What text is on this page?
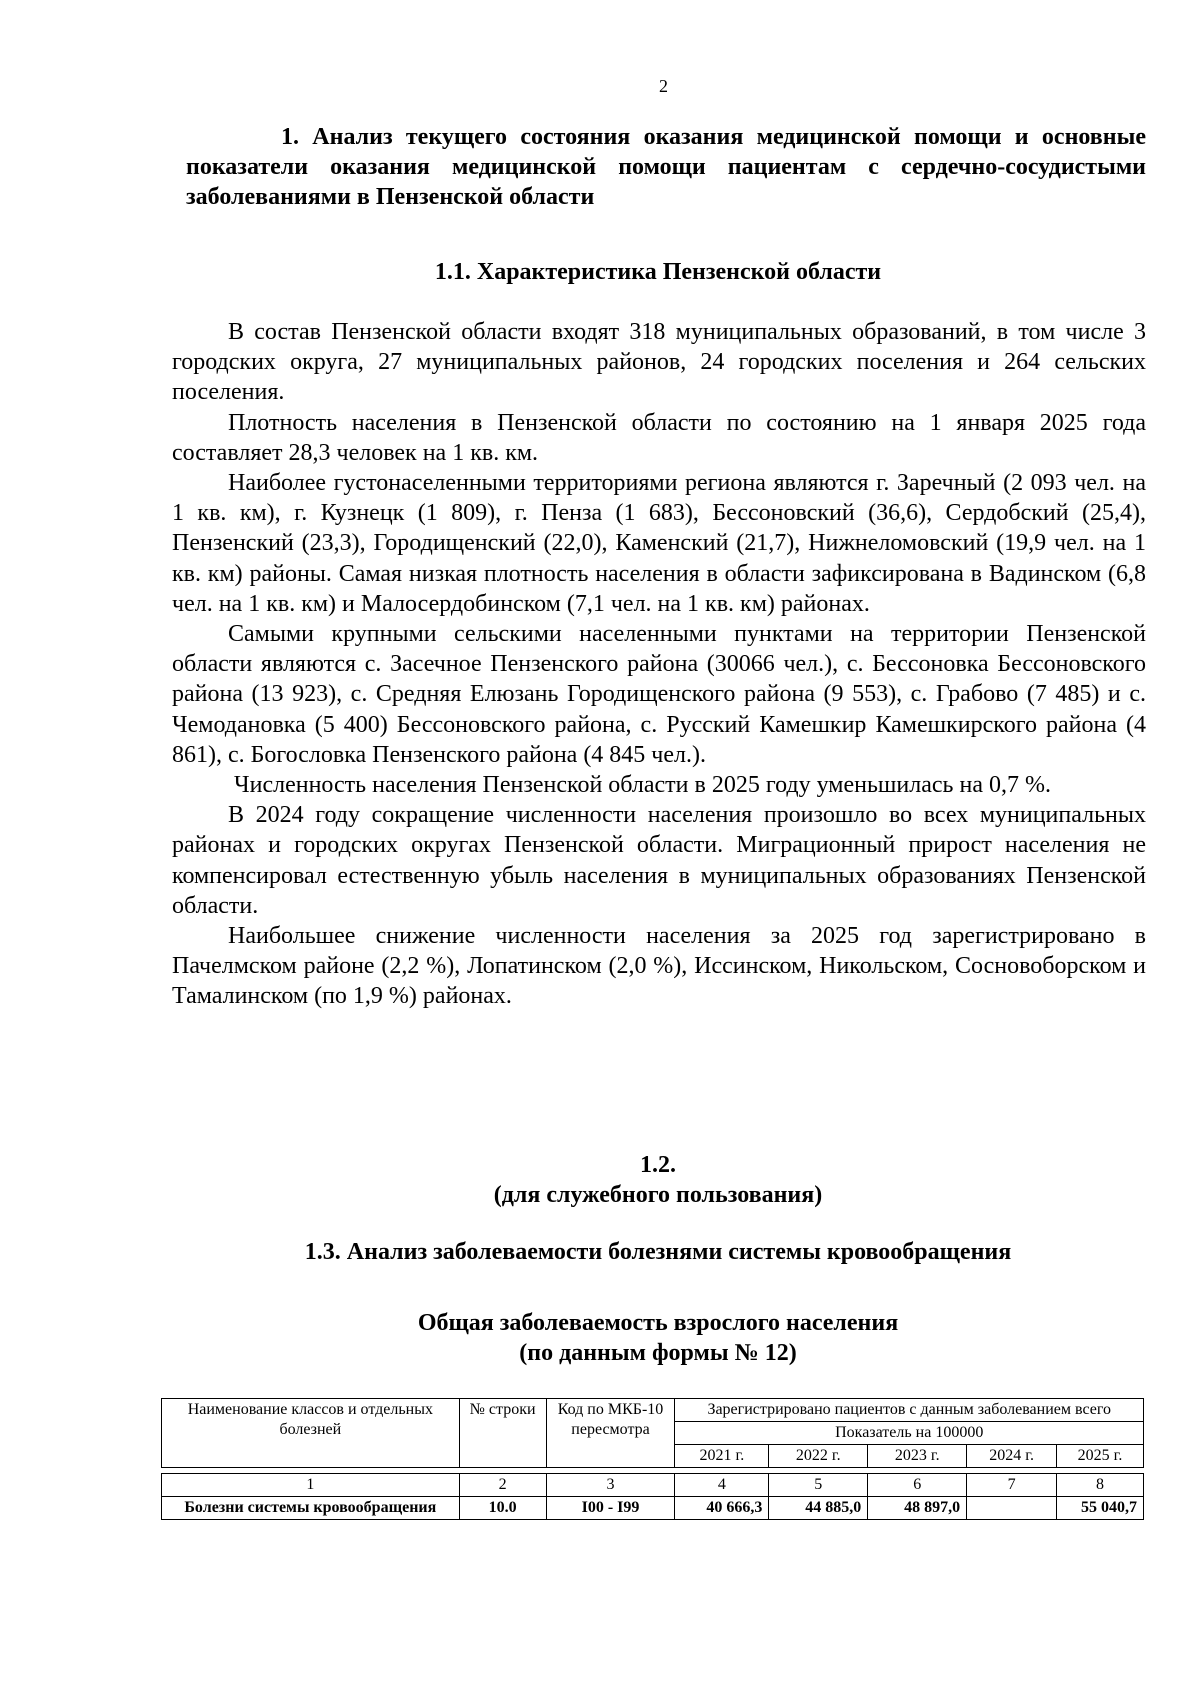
2
1. Анализ текущего состояния оказания медицинской помощи и основные показатели оказания медицинской помощи пациентам с сердечно-сосудистыми заболеваниями в Пензенской области
1.1. Характеристика Пензенской области

В состав Пензенской области входят 318 муниципальных образований, в том числе 3 городских округа, 27 муниципальных районов, 24 городских поселения и 264 сельских поселения.

Плотность населения в Пензенской области по состоянию на 1 января 2025 года составляет 28,3 человек на 1 кв. км.

Наиболее густонаселенными территориями региона являются г. Заречный (2 093 чел. на 1 кв. км), г. Кузнецк (1 809), г. Пенза (1 683), Бессоновский (36,6), Сердобский (25,4), Пензенский (23,3), Городищенский (22,0), Каменский (21,7), Нижнеломовский (19,9 чел. на 1 кв. км) районы. Самая низкая плотность населения в области зафиксирована в Вадинском (6,8 чел. на 1 кв. км) и Малосердобинском (7,1 чел. на 1 кв. км) районах.

Самыми крупными сельскими населенными пунктами на территории Пензенской области являются с. Засечное Пензенского района (30066 чел.), с. Бессоновка Бессоновского района (13 923), с. Средняя Елюзань Городищенского района (9 553), с. Грабово (7 485) и с. Чемодановка (5 400) Бессоновского района, с. Русский Камешкир Камешкирского района (4 861), с. Богословка Пензенского района (4 845 чел.).

Численность населения Пензенской области в 2025 году уменьшилась на 0,7 %.

В 2024 году сокращение численности населения произошло во всех муниципальных районах и городских округах Пензенской области. Миграционный прирост населения не компенсировал естественную убыль населения в муниципальных образованиях Пензенской области.

Наибольшее снижение численности населения за 2025 год зарегистрировано в Пачелмском районе (2,2 %), Лопатинском (2,0 %), Иссинском, Никольском, Сосновоборском и Тамалинском (по 1,9 %) районах.

1.2.
(для служебного пользования)
1.3. Анализ заболеваемости болезнями системы кровообращения
Общая заболеваемость взрослого населения
(по данным формы № 12)
Наименование классов и отдельных болезней	№ строки	Код по МКБ-10 пересмотра	Зарегистрировано пациентов с данным заболеванием всего				
			Показатель на 100000				
			2021 г.	2022 г.	2023 г.	2024 г.	2025 г.

1	2	3	4	5	6	7	8
Болезни системы кровообращения	10.0	I00 - I99	40 666,3	44 885,0	48 897,0		55 040,7
